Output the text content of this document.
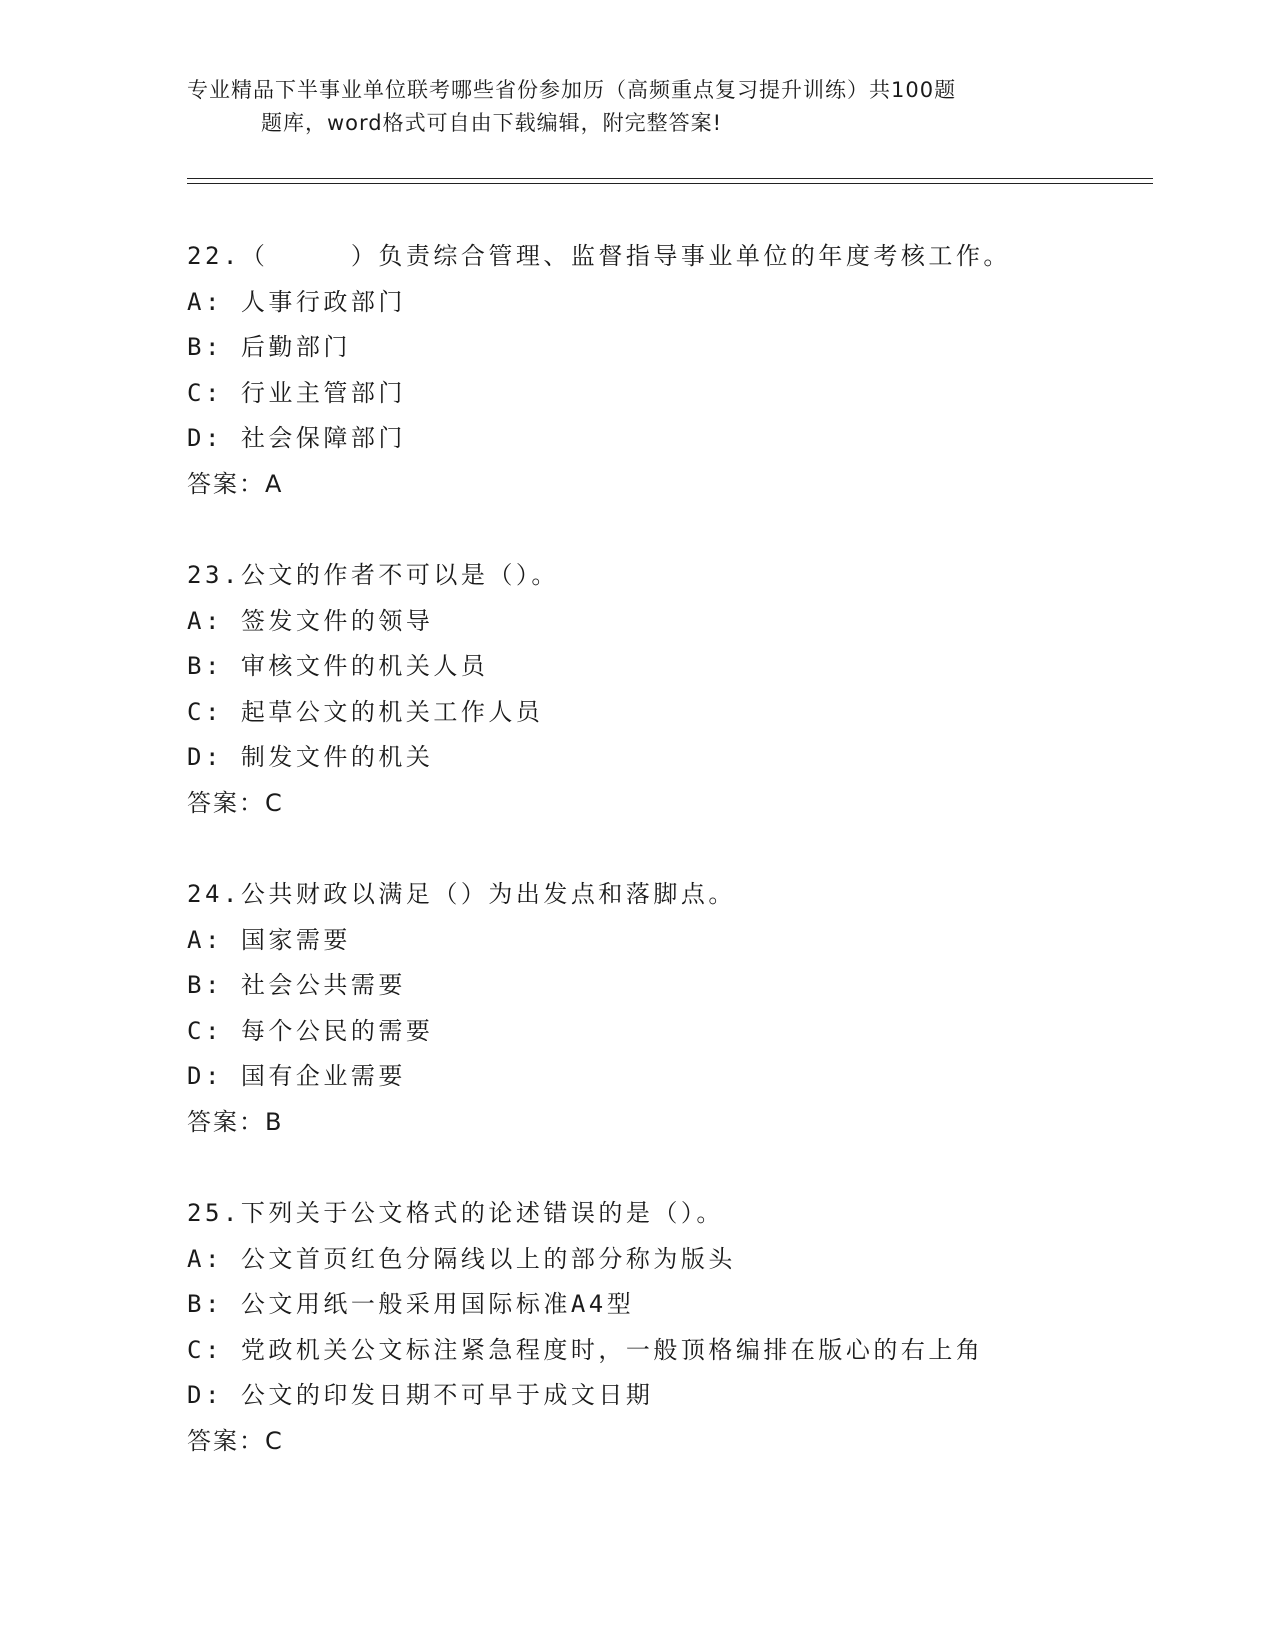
专业精品下半事业单位联考哪些省份参加历（高频重点复习提升训练）共100题
题库，word格式可自由下载编辑，附完整答案!
22.（　　　）负责综合管理、监督指导事业单位的年度考核工作。
A: 人事行政部门
B: 后勤部门
C: 行业主管部门
D: 社会保障部门
答案：A
23.公文的作者不可以是（）。
A: 签发文件的领导
B: 审核文件的机关人员
C: 起草公文的机关工作人员
D: 制发文件的机关
答案：C
24.公共财政以满足（）为出发点和落脚点。
A: 国家需要
B: 社会公共需要
C: 每个公民的需要
D: 国有企业需要
答案：B
25.下列关于公文格式的论述错误的是（）。
A: 公文首页红色分隔线以上的部分称为版头
B: 公文用纸一般采用国际标准A4型
C: 党政机关公文标注紧急程度时，一般顶格编排在版心的右上角
D: 公文的印发日期不可早于成文日期
答案：C
